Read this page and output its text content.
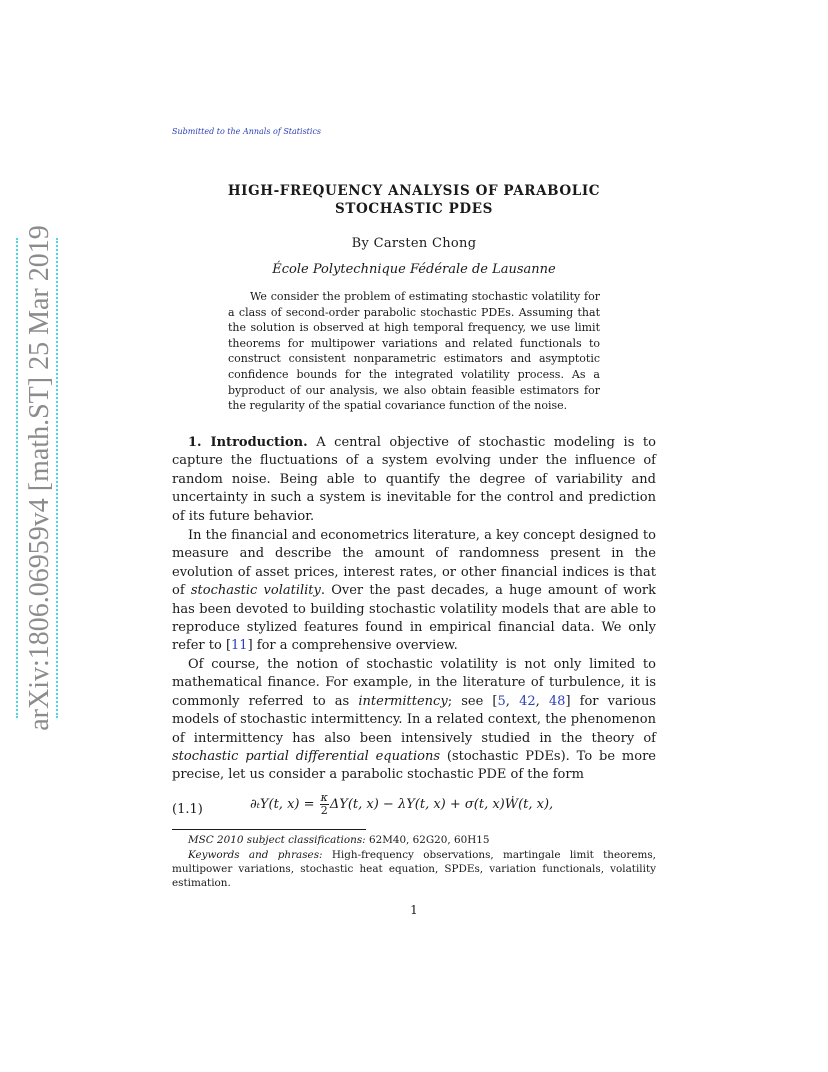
arXiv:1806.06959v4 [math.ST] 25 Mar 2019
Submitted to the Annals of Statistics
HIGH-FREQUENCY ANALYSIS OF PARABOLIC
STOCHASTIC PDES
By Carsten Chong
École Polytechnique Fédérale de Lausanne

We consider the problem of estimating stochastic volatility for a class of second-order parabolic stochastic PDEs. Assuming that the solution is observed at high temporal frequency, we use limit theorems for multipower variations and related functionals to construct consistent nonparametric estimators and asymptotic confidence bounds for the integrated volatility process. As a byproduct of our analysis, we also obtain feasible estimators for the regularity of the spatial covariance function of the noise.

1. Introduction. A central objective of stochastic modeling is to capture the fluctuations of a system evolving under the influence of random noise. Being able to quantify the degree of variability and uncertainty in such a system is inevitable for the control and prediction of its future behavior.

In the financial and econometrics literature, a key concept designed to measure and describe the amount of randomness present in the evolution of asset prices, interest rates, or other financial indices is that of stochastic volatility. Over the past decades, a huge amount of work has been devoted to building stochastic volatility models that are able to reproduce stylized features found in empirical financial data. We only refer to [11] for a comprehensive overview.

Of course, the notion of stochastic volatility is not only limited to mathematical finance. For example, in the literature of turbulence, it is commonly referred to as intermittency; see [5, 42, 48] for various models of stochastic intermittency. In a related context, the phenomenon of intermittency has also been intensively studied in the theory of stochastic partial differential equations (stochastic PDEs). To be more precise, let us consider a parabolic stochastic PDE of the form

(1.1)	∂ₜY(t, $x) = \frac{\kappa}{2} \Delta Y(t$, x) − λY(t, x) + σ(t, x)Ẇ(t, x),

MSC 2010 subject classifications: 62M40, 62G20, 60H15

Keywords and phrases: High-frequency observations, martingale limit theorems, multipower variations, stochastic heat equation, SPDEs, variation functionals, volatility estimation.

1
